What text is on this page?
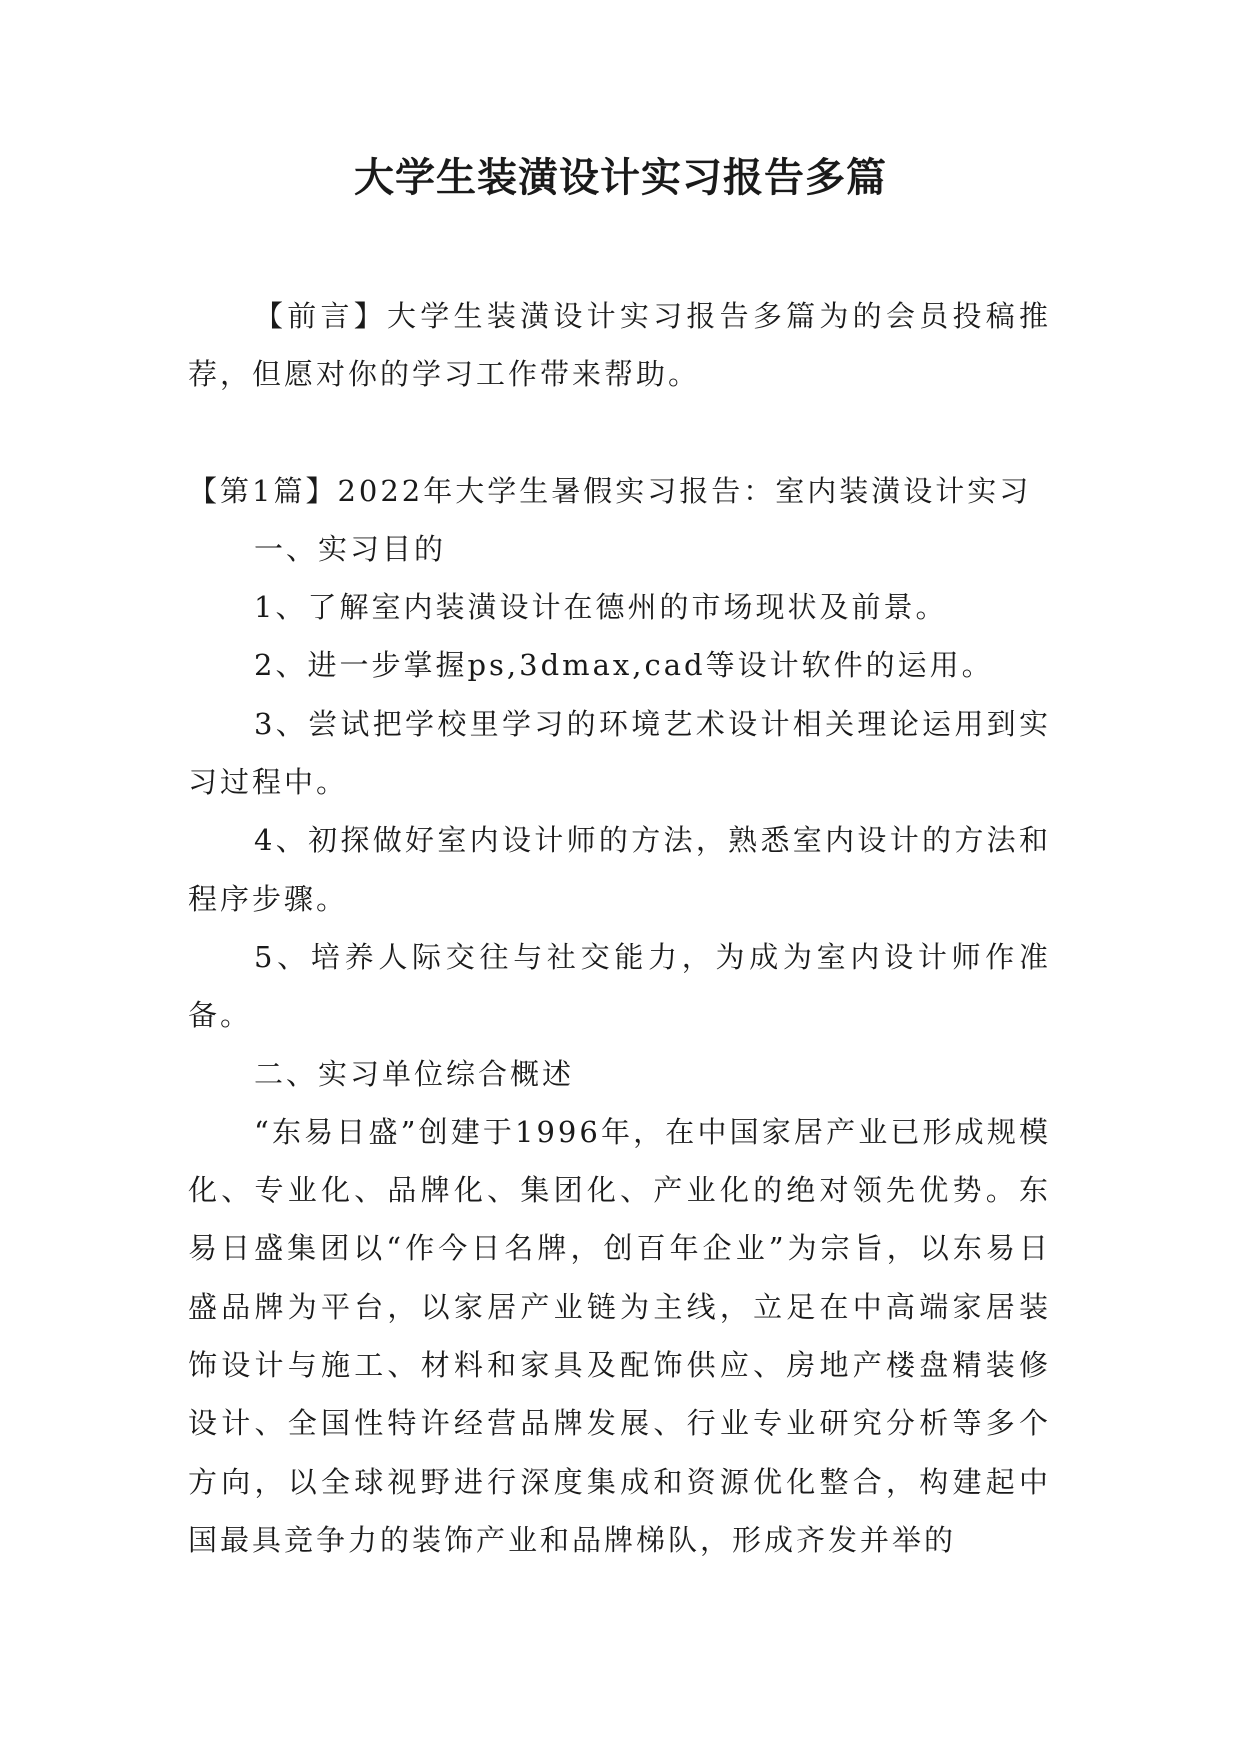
大学生装潢设计实习报告多篇

【前言】大学生装潢设计实习报告多篇为的会员投稿推荐，但愿对你的学习工作带来帮助。

【第1篇】2022年大学生暑假实习报告：室内装潢设计实习

一、实习目的

1、了解室内装潢设计在德州的市场现状及前景。

2、进一步掌握ps,3dmax,cad等设计软件的运用。

3、尝试把学校里学习的环境艺术设计相关理论运用到实习过程中。

4、初探做好室内设计师的方法，熟悉室内设计的方法和程序步骤。

5、培养人际交往与社交能力，为成为室内设计师作准备。

二、实习单位综合概述

“东易日盛”创建于1996年，在中国家居产业已形成规模化、专业化、品牌化、集团化、产业化的绝对领先优势。东易日盛集团以“作今日名牌，创百年企业”为宗旨，以东易日盛品牌为平台，以家居产业链为主线，立足在中高端家居装饰设计与施工、材料和家具及配饰供应、房地产楼盘精装修设计、全国性特许经营品牌发展、行业专业研究分析等多个方向，以全球视野进行深度集成和资源优化整合，构建起中国最具竞争力的装饰产业和品牌梯队，形成齐发并举的
